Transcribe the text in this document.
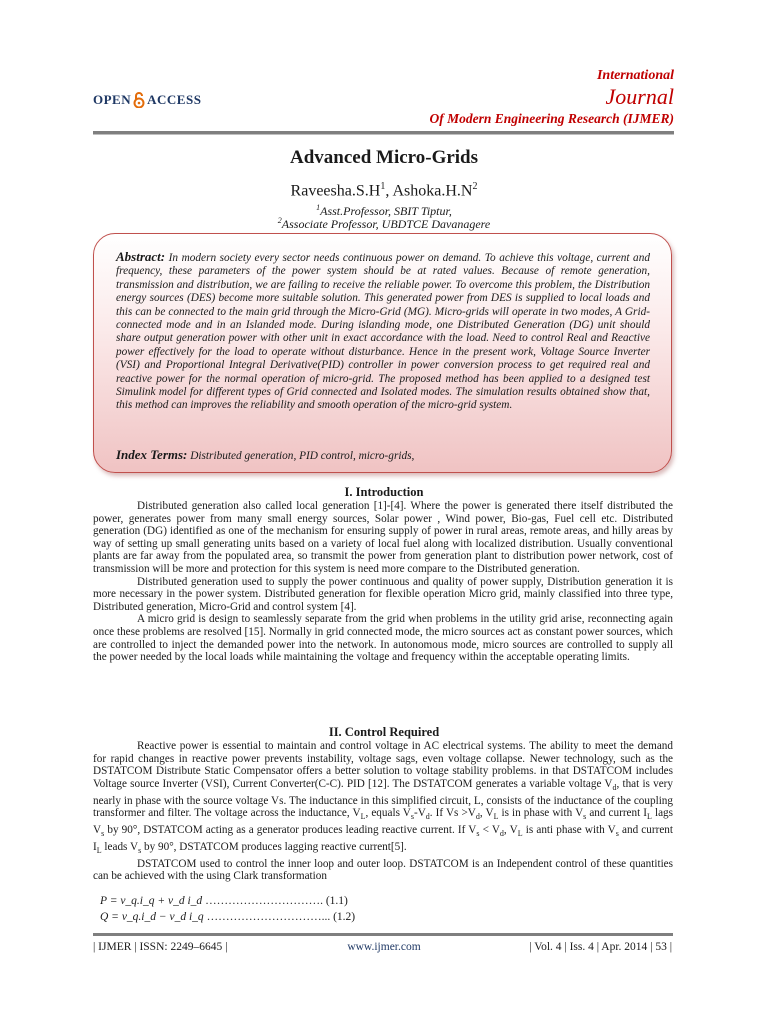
OPEN ACCESS
International
Journal
Of Modern Engineering Research (IJMER)
Advanced Micro-Grids
$Raveesha.S.H^1$, $Ashoka.H.N^2$
$^1$Asst.Professor, SBIT Tiptur,
$^2$Associate Professor, UBDTCE Davanagere
Abstract: In modern society every sector needs continuous power on demand. To achieve this voltage, current and frequency, these parameters of the power system should be at rated values. Because of remote generation, transmission and distribution, we are failing to receive the reliable power. To overcome this problem, the Distribution energy sources (DES) become more suitable solution. This generated power from DES is supplied to local loads and this can be connected to the main grid through the Micro-Grid (MG). Micro-grids will operate in two modes, A Grid-connected mode and in an Islanded mode. During islanding mode, one Distributed Generation (DG) unit should share output generation power with other unit in exact accordance with the load. Need to control Real and Reactive power effectively for the load to operate without disturbance. Hence in the present work, Voltage Source Inverter (VSI) and Proportional Integral Derivative(PID) controller in power conversion process to get required real and reactive power for the normal operation of micro-grid. The proposed method has been applied to a designed test Simulink model for different types of Grid connected and Isolated modes. The simulation results obtained show that, this method can improves the reliability and smooth operation of the micro-grid system.
Index Terms: Distributed generation, PID control, micro-grids,
I. Introduction

Distributed generation also called local generation [1]-[4]. Where the power is generated there itself distributed the power, generates power from many small energy sources, Solar power , Wind power, Bio-gas, Fuel cell etc. Distributed generation (DG) identified as one of the mechanism for ensuring supply of power in rural areas, remote areas, and hilly areas by way of setting up small generating units based on a variety of local fuel along with localized distribution. Usually conventional plants are far away from the populated area, so transmit the power from generation plant to distribution power network, cost of transmission will be more and protection for this system is need more compare to the Distributed generation.

Distributed generation used to supply the power continuous and quality of power supply, Distribution generation it is more necessary in the power system. Distributed generation for flexible operation Micro grid, mainly classified into three type, Distributed generation, Micro-Grid and control system [4].

A micro grid is design to seamlessly separate from the grid when problems in the utility grid arise, reconnecting again once these problems are resolved [15]. Normally in grid connected mode, the micro sources act as constant power sources, which are controlled to inject the demanded power into the network. In autonomous mode, micro sources are controlled to supply all the power needed by the local loads while maintaining the voltage and frequency within the acceptable operating limits.

II. Control Required

Reactive power is essential to maintain and control voltage in AC electrical systems. The ability to meet the demand for rapid changes in reactive power prevents instability, voltage sags, even voltage collapse. Newer technology, such as the DSTATCOM Distribute Static Compensator offers a better solution to voltage stability problems. in that DSTATCOM includes Voltage source Inverter (VSI), Current Converter(C-C). PID [12]. The DSTATCOM generates a variable voltage $V_d$, that is very nearly in phase with the source voltage Vs. The inductance in this simplified circuit, L, consists of the inductance of the coupling transformer and filter. The voltage across the inductance, $V_L$, equals $V_s-V_d$. If $Vs >V_d$, $V_L$ is in phase with $V_s$ and current $I_L$ lags $V_s$ by 90°, DSTATCOM acting as a generator produces leading reactive current. If $V_s < V_d$, $V_L$ is anti phase with $V_s$ and current $I_L$ leads $V_s$ by 90°, DSTATCOM produces lagging reactive current[5].

DSTATCOM used to control the inner loop and outer loop. DSTATCOM is an Independent control of these quantities can be achieved with the using Clark transformation

P = v_q.i_q + v_d i_d …………………………. (1.1)
Q = v_q.i_d − v_d i_q …………………………... (1.2)
| IJMER | ISSN: 2249–6645 |	www.ijmer.com	| Vol. 4 | Iss. 4 | Apr. 2014 | 53 |
